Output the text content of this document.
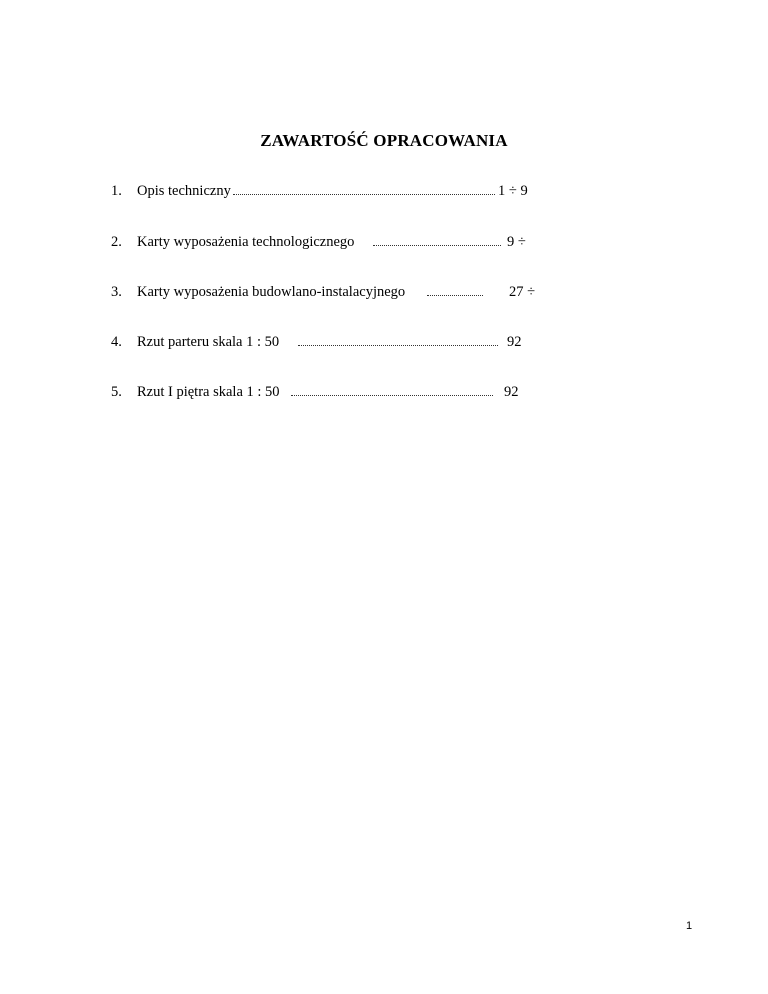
ZAWARTOŚĆ OPRACOWANIA
1. Opis techniczny	1 ÷ 9
2. Karty wyposażenia technologicznego	9 ÷
3. Karty wyposażenia budowlano-instalacyjnego	27 ÷
4. Rzut parteru skala 1 : 50	92
5. Rzut I piętra skala 1 : 50	92
1
